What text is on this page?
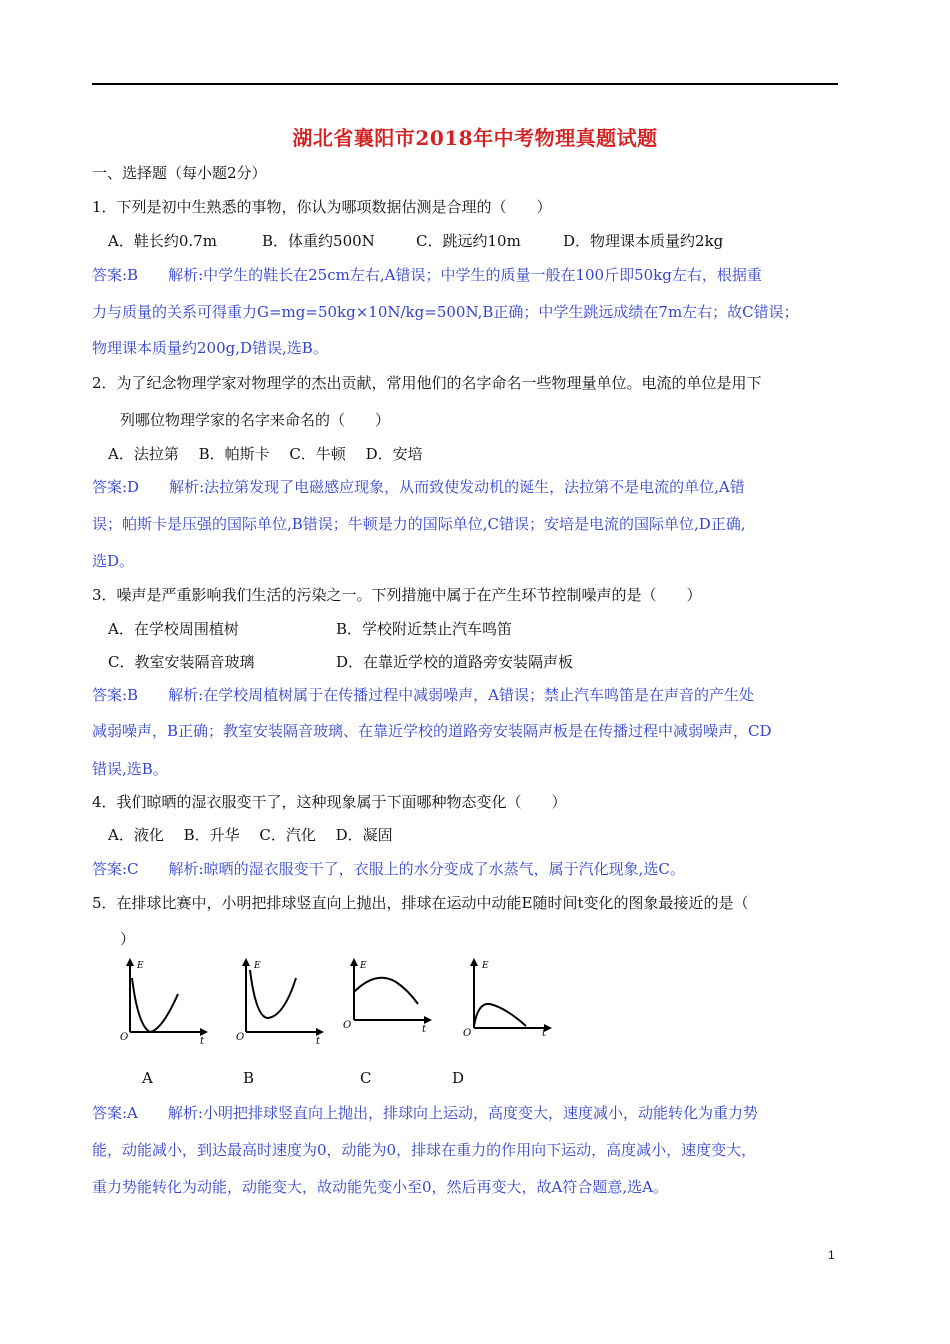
湖北省襄阳市2018年中考物理真题试题
一、选择题（每小题2分）
1．下列是初中生熟悉的事物，你认为哪项数据估测是合理的（　　）
A．鞋长约0.7m	B．体重约500N	C．跳远约10m	D．物理课本质量约2kg
答案:B　　解析:中学生的鞋长在25cm左右,A错误；中学生的质量一般在100斤即50kg左右，根据重
力与质量的关系可得重力G=mg=50kg×10N/kg=500N,B正确；中学生跳远成绩在7m左右；故C错误；
物理课本质量约200g,D错误,选B。
2．为了纪念物理学家对物理学的杰出贡献，常用他们的名字命名一些物理量单位。电流的单位是用下
列哪位物理学家的名字来命名的（　　）
A．法拉第　 B．帕斯卡　 C．牛顿　 D．安培
答案:D　　解析:法拉第发现了电磁感应现象，从而致使发动机的诞生，法拉第不是电流的单位,A错
误；帕斯卡是压强的国际单位,B错误；牛顿是力的国际单位,C错误；安培是电流的国际单位,D正确,
选D。
3．噪声是严重影响我们生活的污染之一。下列措施中属于在产生环节控制噪声的是（　　）
A．在学校周围植树	B．学校附近禁止汽车鸣笛
C．教室安装隔音玻璃	D．在靠近学校的道路旁安装隔声板
答案:B　　解析:在学校周植树属于在传播过程中减弱噪声，A错误；禁止汽车鸣笛是在声音的产生处
减弱噪声，B正确；教室安装隔音玻璃、在靠近学校的道路旁安装隔声板是在传播过程中减弱噪声，CD
错误,选B。
4．我们晾晒的湿衣服变干了，这种现象属于下面哪种物态变化（　　）
A．液化　 B．升华　 C．汽化　 D．凝固
答案:C　　解析:晾晒的湿衣服变干了，衣服上的水分变成了水蒸气，属于汽化现象,选C。
5．在排球比赛中，小明把排球竖直向上抛出，排球在运动中动能E随时间t变化的图象最接近的是（
）
E
O	t
E
O	t
E
O	t
E
O	t
A	B	C	D
答案:A　　解析:小明把排球竖直向上抛出，排球向上运动，高度变大，速度减小，动能转化为重力势
能，动能减小，到达最高时速度为0，动能为0，排球在重力的作用向下运动，高度减小，速度变大，
重力势能转化为动能，动能变大，故动能先变小至0，然后再变大，故A符合题意,选A。
1
